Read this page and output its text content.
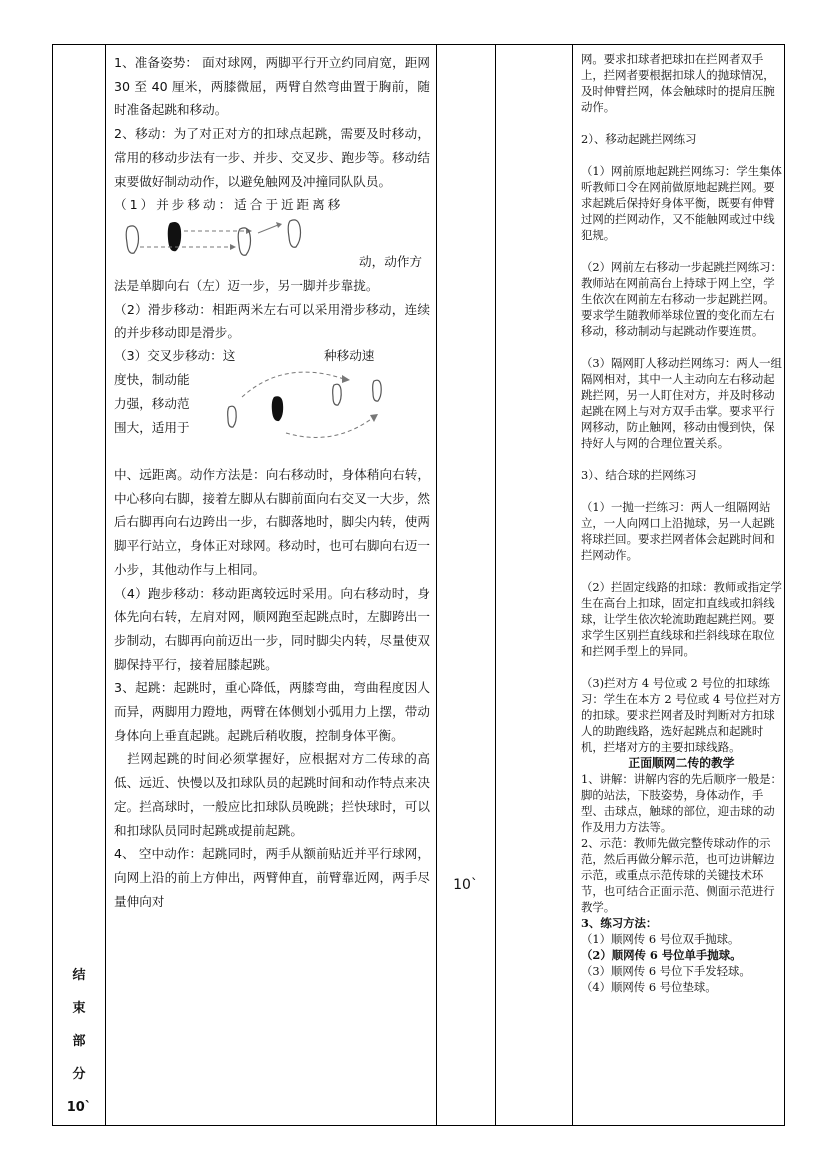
结
束
部
分
10`

1、准备姿势： 面对球网，两脚平行开立约同肩宽，距网 30 至 40 厘米，两膝微屈，两臂自然弯曲置于胸前，随时准备起跳和移动。

2、移动：为了对正对方的扣球点起跳，需要及时移动，常用的移动步法有一步、并步、交叉步、跑步等。移动结束要做好制动动作，以避免触网及冲撞同队队员。

（1）并步移动：适合于近距离移

动，动作方

法是单脚向右（左）迈一步，另一脚并步靠拢。

（2）滑步移动：相距两米左右可以采用滑步移动，连续的并步移动即是滑步。

（3）交叉步移动：这	种移动速
度快，制动能
力强，移动范
围大，适用于

中、远距离。动作方法是：向右移动时，身体稍向右转，中心移向右脚，接着左脚从右脚前面向右交叉一大步，然后右脚再向右边跨出一步，右脚落地时，脚尖内转，使两脚平行站立，身体正对球网。移动时，也可右脚向右迈一小步，其他动作与上相同。

（4）跑步移动：移动距离较远时采用。向右移动时，身体先向右转，左肩对网，顺网跑至起跳点时，左脚跨出一步制动，右脚再向前迈出一步，同时脚尖内转，尽量使双脚保持平行，接着屈膝起跳。

3、起跳：起跳时，重心降低，两膝弯曲，弯曲程度因人而异，两脚用力蹬地，两臂在体侧划小弧用力上摆，带动身体向上垂直起跳。起跳后稍收腹，控制身体平衡。

　拦网起跳的时间必须掌握好，应根据对方二传球的高低、远近、快慢以及扣球队员的起跳时间和动作特点来决定。拦高球时，一般应比扣球队员晚跳；拦快球时，可以和扣球队员同时起跳或提前起跳。

4、 空中动作：起跳同时，两手从额前贴近并平行球网，向网上沿的前上方伸出，两臂伸直，前臂靠近网，两手尽量伸向对

10`

网。要求扣球者把球扣在拦网者双手上，拦网者要根据扣球人的抛球情况，及时伸臂拦网，体会触球时的提肩压腕动作。

2）、移动起跳拦网练习

（1）网前原地起跳拦网练习：学生集体听教师口令在网前做原地起跳拦网。要求起跳后保持好身体平衡，既要有伸臂过网的拦网动作，又不能触网或过中线犯规。

（2）网前左右移动一步起跳拦网练习：教师站在网前高台上持球于网上空，学生依次在网前左右移动一步起跳拦网。要求学生随教师举球位置的变化而左右移动，移动制动与起跳动作要连贯。

（3）隔网盯人移动拦网练习：两人一组隔网相对，其中一人主动向左右移动起跳拦网，另一人盯住对方，并及时移动起跳在网上与对方双手击掌。要求平行网移动，防止触网，移动由慢到快，保持好人与网的合理位置关系。

3）、结合球的拦网练习

（1）一抛一拦练习：两人一组隔网站立，一人向网口上沿抛球，另一人起跳将球拦回。要求拦网者体会起跳时间和拦网动作。

（2）拦固定线路的扣球：教师或指定学生在高台上扣球，固定扣直线或扣斜线球，让学生依次轮流助跑起跳拦网。要求学生区别拦直线球和拦斜线球在取位和拦网手型上的异同。

（3)拦对方 4 号位或 2 号位的扣球练习：学生在本方 2 号位或 4 号位拦对方的扣球。要求拦网者及时判断对方扣球人的助跑线路，选好起跳点和起跳时机，拦堵对方的主要扣球线路。

正面顺网二传的教学

1、讲解：讲解内容的先后顺序一般是：脚的站法，下肢姿势，身体动作，手型、击球点，触球的部位，迎击球的动作及用力方法等。

2、示范：教师先做完整传球动作的示范，然后再做分解示范，也可边讲解边示范，或重点示范传球的关键技术环节，也可结合正面示范、侧面示范进行教学。

3、练习方法：

（1）顺网传 6 号位双手抛球。

（2）顺网传 6 号位单手抛球。

（3）顺网传 6 号位下手发轻球。

（4）顺网传 6 号位垫球。
